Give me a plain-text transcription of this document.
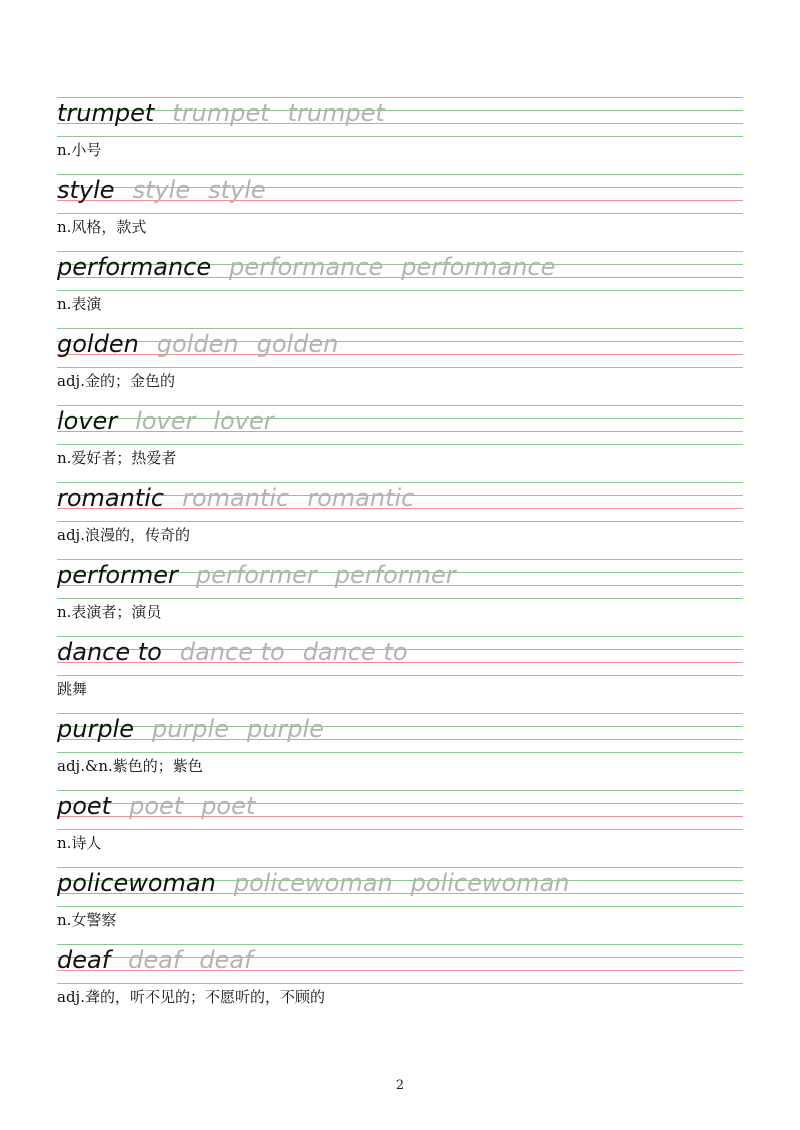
trumpet trumpet trumpet
n.小号
style style style
n.风格，款式
performance performance performance
n.表演
golden golden golden
adj.金的；金色的
lover lover lover
n.爱好者；热爱者
romantic romantic romantic
adj.浪漫的，传奇的
performer performer performer
n.表演者；演员
dance to dance to dance to
跳舞
purple purple purple
adj.&n.紫色的；紫色
poet poet poet
n.诗人
policewoman policewoman policewoman
n.女警察
deaf deaf deaf
adj.聋的，听不见的；不愿听的，不顾的
2
